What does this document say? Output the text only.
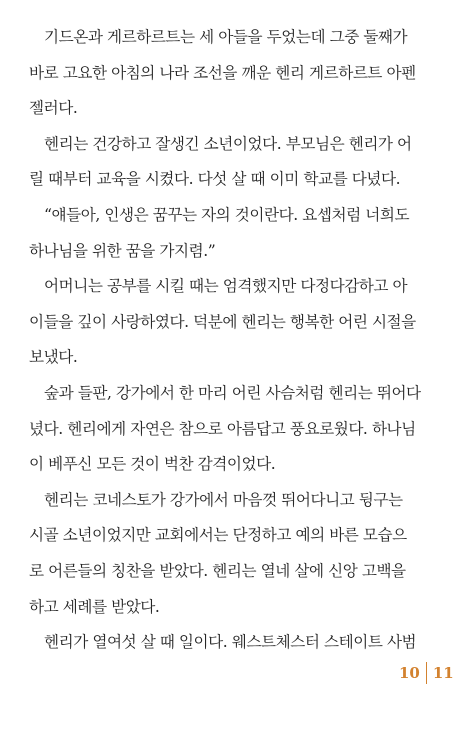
기드온과 게르하르트는 세 아들을 두었는데 그중 둘째가
바로 고요한 아침의 나라 조선을 깨운 헨리 게르하르트 아펜
젤러다.
헨리는 건강하고 잘생긴 소년이었다. 부모님은 헨리가 어
릴 때부터 교육을 시켰다. 다섯 살 때 이미 학교를 다녔다.
“얘들아, 인생은 꿈꾸는 자의 것이란다. 요셉처럼 너희도
하나님을 위한 꿈을 가지렴.”
어머니는 공부를 시킬 때는 엄격했지만 다정다감하고 아
이들을 깊이 사랑하였다. 덕분에 헨리는 행복한 어린 시절을
보냈다.
숲과 들판, 강가에서 한 마리 어린 사슴처럼 헨리는 뛰어다
녔다. 헨리에게 자연은 참으로 아름답고 풍요로웠다. 하나님
이 베푸신 모든 것이 벅찬 감격이었다.
헨리는 코네스토가 강가에서 마음껏 뛰어다니고 뒹구는
시골 소년이었지만 교회에서는 단정하고 예의 바른 모습으
로 어른들의 칭찬을 받았다. 헨리는 열네 살에 신앙 고백을
하고 세례를 받았다.
헨리가 열여섯 살 때 일이다. 웨스트체스터 스테이트 사범
10 11
